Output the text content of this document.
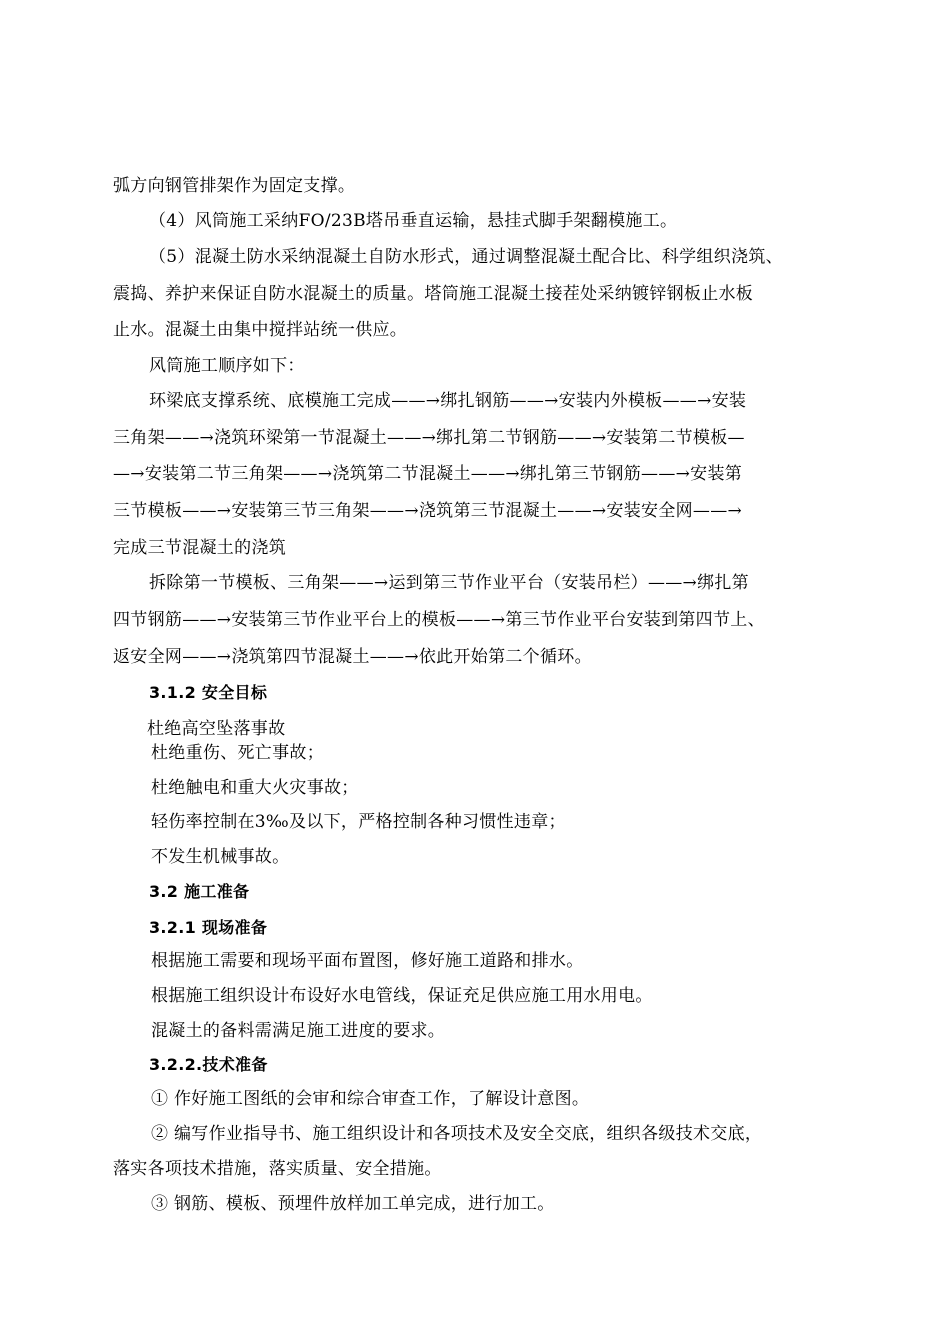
弧方向钢管排架作为固定支撑。
（4）风筒施工采纳FO/23B塔吊垂直运输，悬挂式脚手架翻模施工。
（5）混凝土防水采纳混凝土自防水形式，通过调整混凝土配合比、科学组织浇筑、
震捣、养护来保证自防水混凝土的质量。塔筒施工混凝土接茬处采纳镀锌钢板止水板
止水。混凝土由集中搅拌站统一供应。
风筒施工顺序如下：
环梁底支撑系统、底模施工完成——→绑扎钢筋——→安装内外模板——→安装
三角架——→浇筑环梁第一节混凝土——→绑扎第二节钢筋——→安装第二节模板—
—→安装第二节三角架——→浇筑第二节混凝土——→绑扎第三节钢筋——→安装第
三节模板——→安装第三节三角架——→浇筑第三节混凝土——→安装安全网——→
完成三节混凝土的浇筑
拆除第一节模板、三角架——→运到第三节作业平台（安装吊栏）——→绑扎第
四节钢筋——→安装第三节作业平台上的模板——→第三节作业平台安装到第四节上、
返安全网——→浇筑第四节混凝土——→依此开始第二个循环。
3.1.2 安全目标
杜绝高空坠落事故
杜绝重伤、死亡事故；
杜绝触电和重大火灾事故；
轻伤率控制在3‰及以下，严格控制各种习惯性违章；
不发生机械事故。
3.2 施工准备
3.2.1 现场准备
根据施工需要和现场平面布置图，修好施工道路和排水。
根据施工组织设计布设好水电管线，保证充足供应施工用水用电。
混凝土的备料需满足施工进度的要求。
3.2.2.技术准备
① 作好施工图纸的会审和综合审查工作，了解设计意图。
② 编写作业指导书、施工组织设计和各项技术及安全交底，组织各级技术交底，
落实各项技术措施，落实质量、安全措施。
③ 钢筋、模板、预埋件放样加工单完成，进行加工。
